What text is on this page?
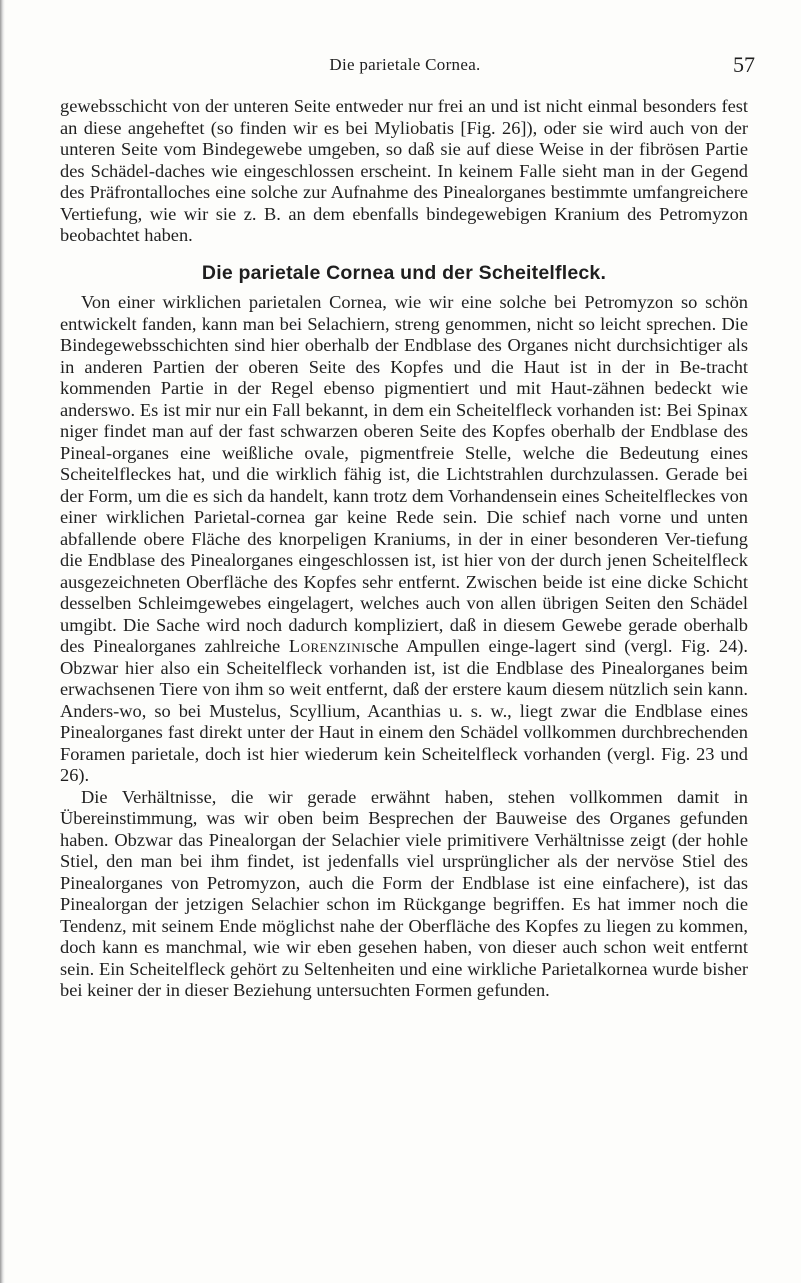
Die parietale Cornea.	57

gewebsschicht von der unteren Seite entweder nur frei an und ist nicht einmal besonders fest an diese angeheftet (so finden wir es bei Myliobatis [Fig. 26]), oder sie wird auch von der unteren Seite vom Bindegewebe umgeben, so daß sie auf diese Weise in der fibrösen Partie des Schädel-daches wie eingeschlossen erscheint. In keinem Falle sieht man in der Gegend des Präfrontalloches eine solche zur Aufnahme des Pinealorganes bestimmte umfangreichere Vertiefung, wie wir sie z. B. an dem ebenfalls bindegewebigen Kranium des Petromyzon beobachtet haben.

Die parietale Cornea und der Scheitelfleck.

Von einer wirklichen parietalen Cornea, wie wir eine solche bei Petromyzon so schön entwickelt fanden, kann man bei Selachiern, streng genommen, nicht so leicht sprechen. Die Bindegewebsschichten sind hier oberhalb der Endblase des Organes nicht durchsichtiger als in anderen Partien der oberen Seite des Kopfes und die Haut ist in der in Be-tracht kommenden Partie in der Regel ebenso pigmentiert und mit Haut-zähnen bedeckt wie anderswo. Es ist mir nur ein Fall bekannt, in dem ein Scheitelfleck vorhanden ist: Bei Spinax niger findet man auf der fast schwarzen oberen Seite des Kopfes oberhalb der Endblase des Pineal-organes eine weißliche ovale, pigmentfreie Stelle, welche die Bedeutung eines Scheitelfleckes hat, und die wirklich fähig ist, die Lichtstrahlen durchzulassen. Gerade bei der Form, um die es sich da handelt, kann trotz dem Vorhandensein eines Scheitelfleckes von einer wirklichen Parietal-cornea gar keine Rede sein. Die schief nach vorne und unten abfallende obere Fläche des knorpeligen Kraniums, in der in einer besonderen Ver-tiefung die Endblase des Pinealorganes eingeschlossen ist, ist hier von der durch jenen Scheitelfleck ausgezeichneten Oberfläche des Kopfes sehr entfernt. Zwischen beide ist eine dicke Schicht desselben Schleimgewebes eingelagert, welches auch von allen übrigen Seiten den Schädel umgibt. Die Sache wird noch dadurch kompliziert, daß in diesem Gewebe gerade oberhalb des Pinealorganes zahlreiche Lorenzinische Ampullen einge-lagert sind (vergl. Fig. 24). Obzwar hier also ein Scheitelfleck vorhanden ist, ist die Endblase des Pinealorganes beim erwachsenen Tiere von ihm so weit entfernt, daß der erstere kaum diesem nützlich sein kann. Anders-wo, so bei Mustelus, Scyllium, Acanthias u. s. w., liegt zwar die Endblase eines Pinealorganes fast direkt unter der Haut in einem den Schädel vollkommen durchbrechenden Foramen parietale, doch ist hier wiederum kein Scheitelfleck vorhanden (vergl. Fig. 23 und 26).

Die Verhältnisse, die wir gerade erwähnt haben, stehen vollkommen damit in Übereinstimmung, was wir oben beim Besprechen der Bauweise des Organes gefunden haben. Obzwar das Pinealorgan der Selachier viele primitivere Verhältnisse zeigt (der hohle Stiel, den man bei ihm findet, ist jedenfalls viel ursprünglicher als der nervöse Stiel des Pinealorganes von Petromyzon, auch die Form der Endblase ist eine einfachere), ist das Pinealorgan der jetzigen Selachier schon im Rückgange begriffen. Es hat immer noch die Tendenz, mit seinem Ende möglichst nahe der Oberfläche des Kopfes zu liegen zu kommen, doch kann es manchmal, wie wir eben gesehen haben, von dieser auch schon weit entfernt sein. Ein Scheitelfleck gehört zu Seltenheiten und eine wirkliche Parietalkornea wurde bisher bei keiner der in dieser Beziehung untersuchten Formen gefunden.
